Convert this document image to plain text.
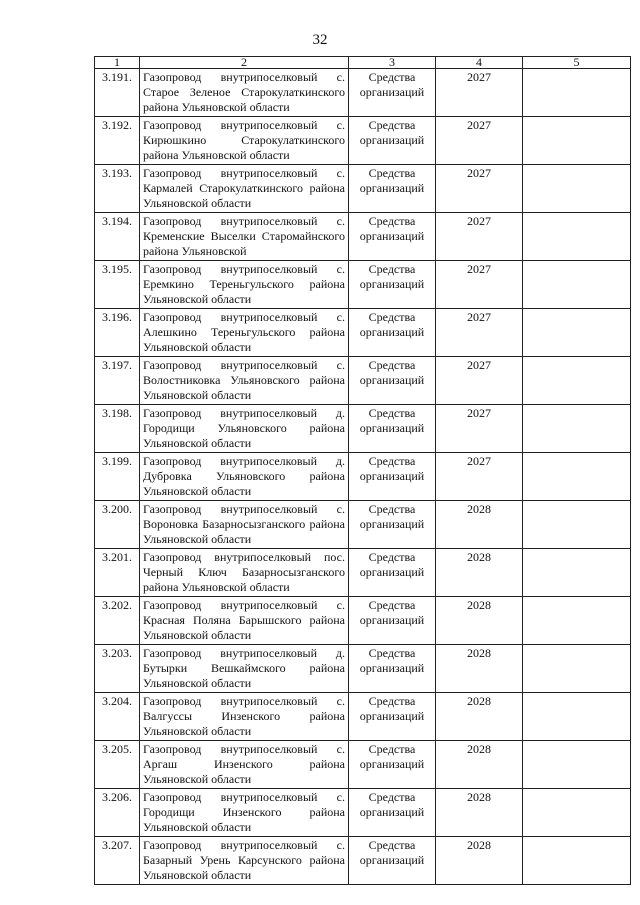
32
1	2	3	4	5
3.191.	Газопровод внутрипоселковый с. Старое Зеленое Старокулаткинского района Ульяновской области	Средства организаций	2027	
3.192.	Газопровод внутрипоселковый с. Кирюшкино Старокулаткинского района Ульяновской области	Средства организаций	2027	
3.193.	Газопровод внутрипоселковый с. Кармалей Старокулаткинского района Ульяновской области	Средства организаций	2027	
3.194.	Газопровод внутрипоселковый с. Кременские Выселки Старомайнского района Ульяновской	Средства организаций	2027	
3.195.	Газопровод внутрипоселковый с. Еремкино Тереньгульского района Ульяновской области	Средства организаций	2027	
3.196.	Газопровод внутрипоселковый с. Алешкино Тереньгульского района Ульяновской области	Средства организаций	2027	
3.197.	Газопровод внутрипоселковый с. Волостниковка Ульяновского района Ульяновской области	Средства организаций	2027	
3.198.	Газопровод внутрипоселковый д. Городищи Ульяновского района Ульяновской области	Средства организаций	2027	
3.199.	Газопровод внутрипоселковый д. Дубровка Ульяновского района Ульяновской области	Средства организаций	2027	
3.200.	Газопровод внутрипоселковый с. Вороновка Базарносызганского района Ульяновской области	Средства организаций	2028	
3.201.	Газопровод внутрипоселковый пос. Черный Ключ Базарносызганского района Ульяновской области	Средства организаций	2028	
3.202.	Газопровод внутрипоселковый с. Красная Поляна Барышского района Ульяновской области	Средства организаций	2028	
3.203.	Газопровод внутрипоселковый д. Бутырки Вешкаймского района Ульяновской области	Средства организаций	2028	
3.204.	Газопровод внутрипоселковый с. Валгуссы Инзенского района Ульяновской области	Средства организаций	2028	
3.205.	Газопровод внутрипоселковый с. Аргаш Инзенского района Ульяновской области	Средства организаций	2028	
3.206.	Газопровод внутрипоселковый с. Городищи Инзенского района Ульяновской области	Средства организаций	2028	
3.207.	Газопровод внутрипоселковый с. Базарный Урень Карсунского района Ульяновской области	Средства организаций	2028	
